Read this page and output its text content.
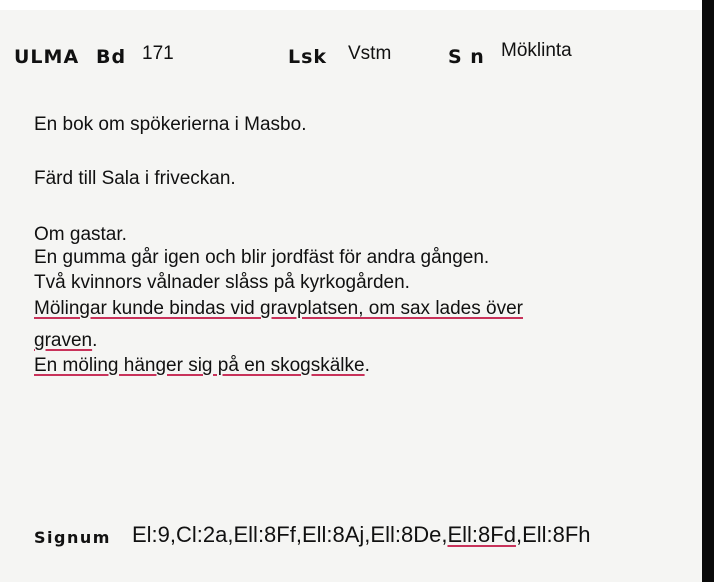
ULMA Bd 171	Lsk Vstm	S n Möklinta
En bok om spökerierna i Masbo.
Färd till Sala i friveckan.
Om gastar.
En gumma går igen och blir jordfäst för andra gången.
Två kvinnors vålnader slåss på kyrkogården.
Mölingar kunde bindas vid gravplatsen, om sax lades över
graven.
En möling hänger sig på en skogskälke.
Signum El:9,Cl:2a,Ell:8Ff,Ell:8Aj,Ell:8De,Ell:8Fd,Ell:8Fh
